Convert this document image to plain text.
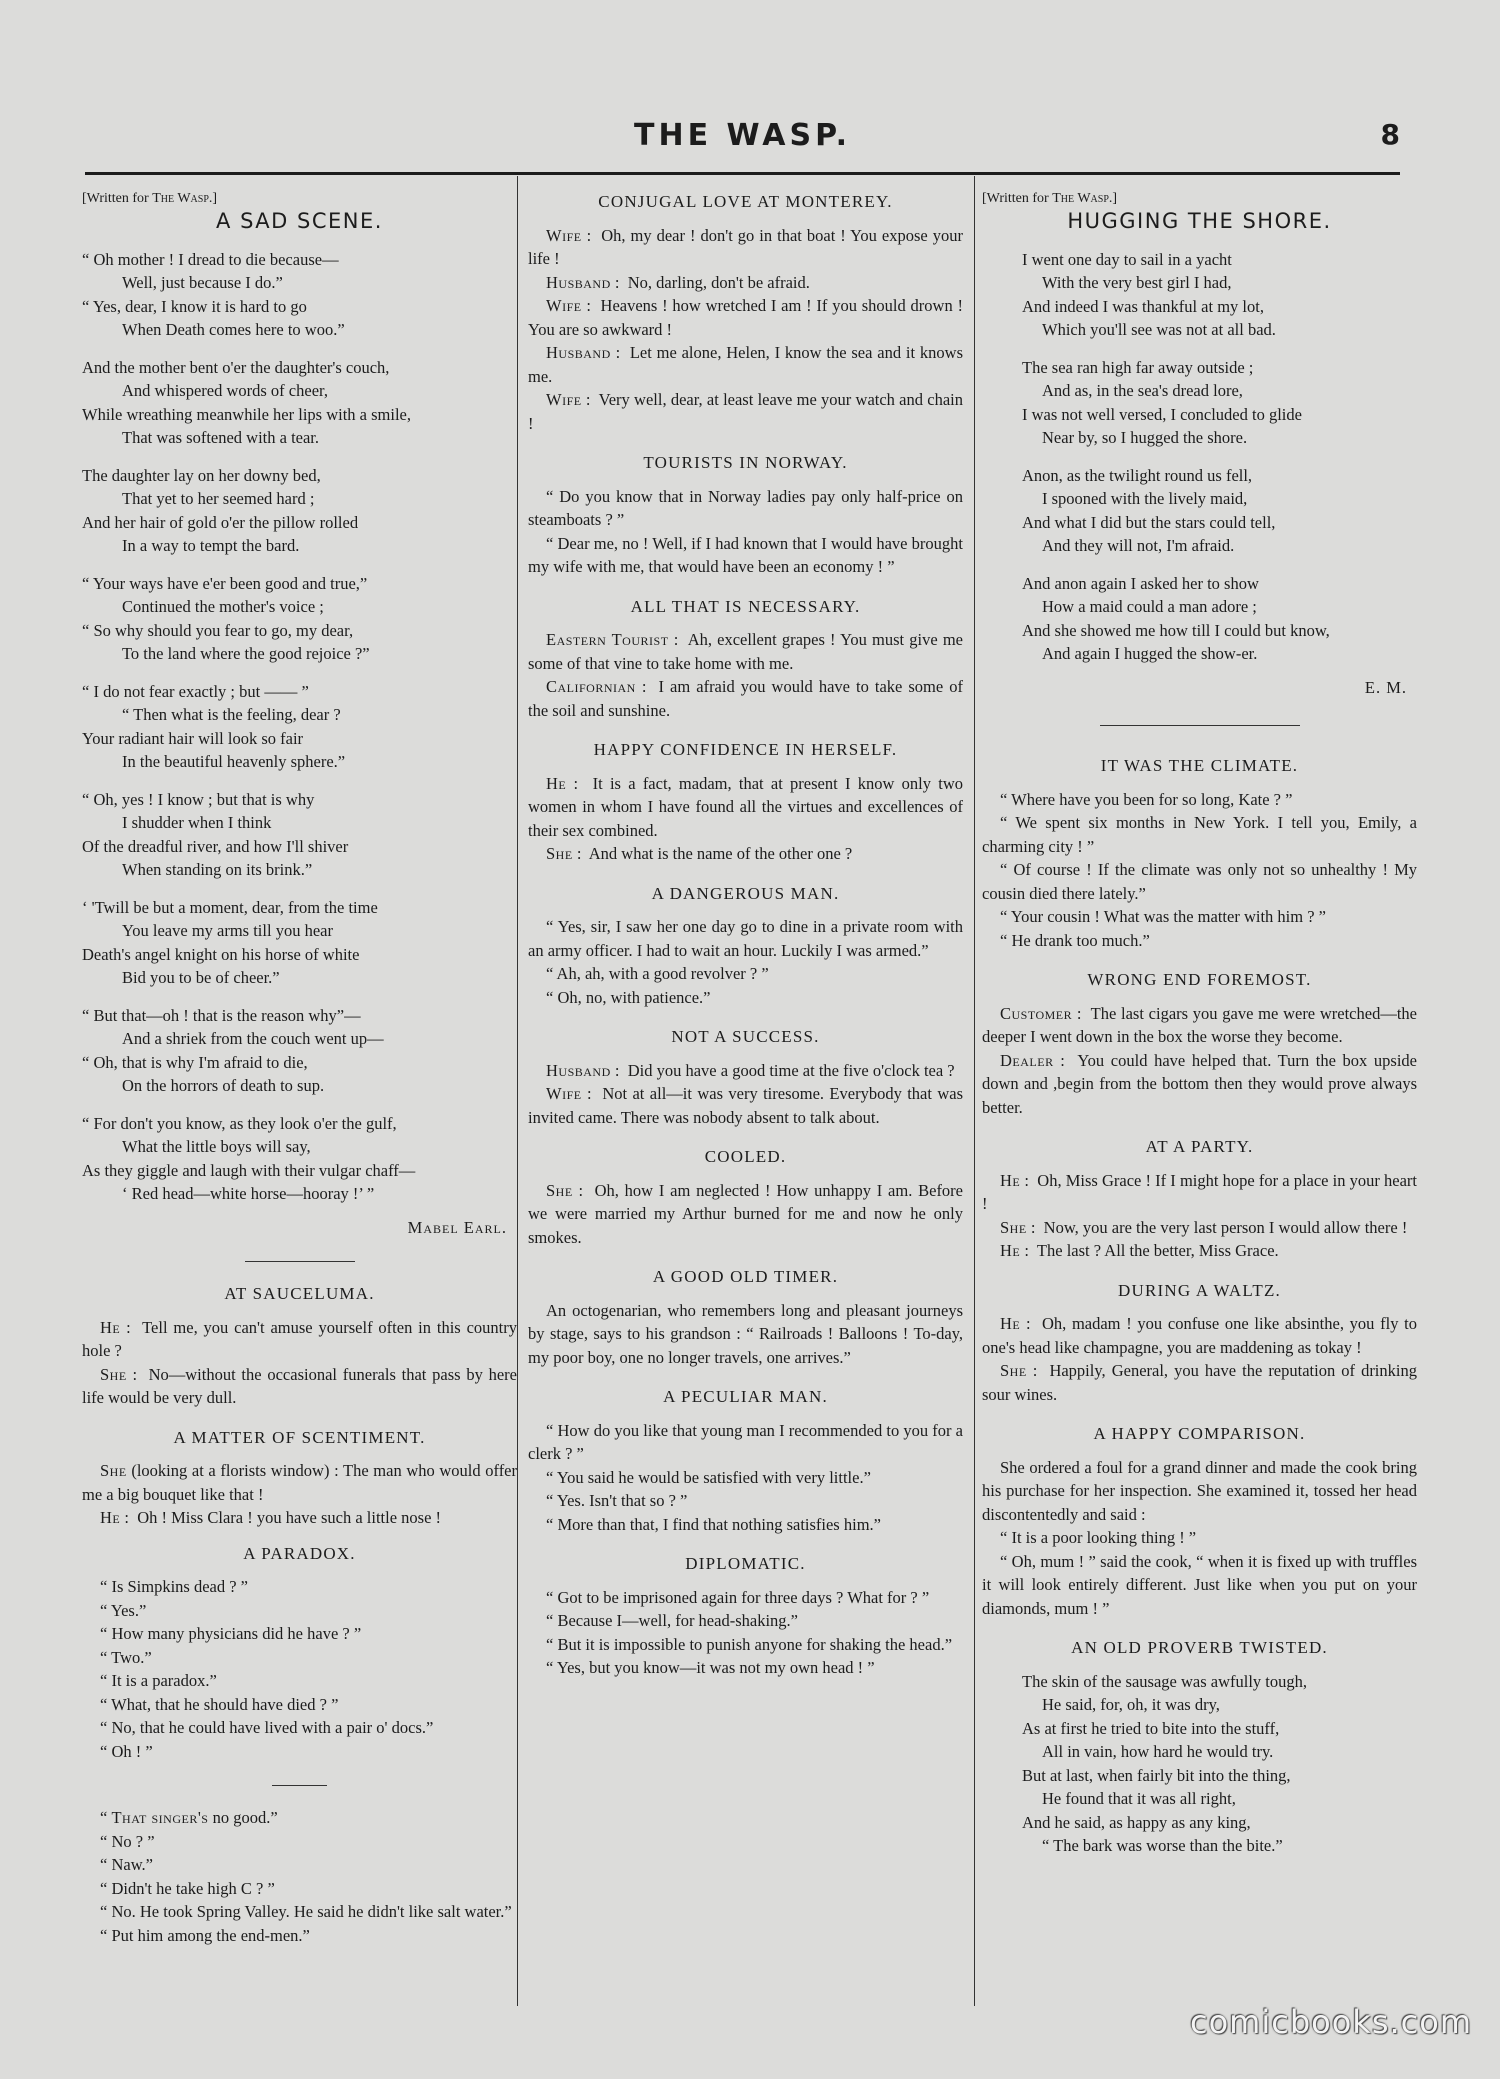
THE WASP.	8
[Written for The Wasp.]
A SAD SCENE.
“ Oh mother ! I dread to die because—
Well, just because I do.”
“ Yes, dear, I know it is hard to go
When Death comes here to woo.”
And the mother bent o'er the daughter's couch,
And whispered words of cheer,
While wreathing meanwhile her lips with a smile,
That was softened with a tear.
The daughter lay on her downy bed,
That yet to her seemed hard ;
And her hair of gold o'er the pillow rolled
In a way to tempt the bard.
“ Your ways have e'er been good and true,”
Continued the mother's voice ;
“ So why should you fear to go, my dear,
To the land where the good rejoice ?”
“ I do not fear exactly ; but —— ”
“ Then what is the feeling, dear ?
Your radiant hair will look so fair
In the beautiful heavenly sphere.”
“ Oh, yes ! I know ; but that is why
I shudder when I think
Of the dreadful river, and how I'll shiver
When standing on its brink.”
‘ 'Twill be but a moment, dear, from the time
You leave my arms till you hear
Death's angel knight on his horse of white
Bid you to be of cheer.”
“ But that—oh ! that is the reason why”—
And a shriek from the couch went up—
“ Oh, that is why I'm afraid to die,
On the horrors of death to sup.
“ For don't you know, as they look o'er the gulf,
What the little boys will say,
As they giggle and laugh with their vulgar chaff—
‘ Red head—white horse—hooray !’ ”
Mabel Earl.
AT SAUCELUMA.

He :  Tell me, you can't amuse yourself often in this country hole ?

She :  No—without the occasional funerals that pass by here life would be very dull.

A MATTER OF SCENTIMENT.

She (looking at a florists window) : The man who would offer me a big bouquet like that !

He :  Oh ! Miss Clara ! you have such a little nose !

A PARADOX.

“ Is Simpkins dead ? ”

“ Yes.”

“ How many physicians did he have ? ”

“ Two.”

“ It is a paradox.”

“ What, that he should have died ? ”

“ No, that he could have lived with a pair o' docs.”

“ Oh ! ”

“ That singer's no good.”

“ No ? ”

“ Naw.”

“ Didn't he take high C ? ”

“ No. He took Spring Valley. He said he didn't like salt water.”

“ Put him among the end-men.”

CONJUGAL LOVE AT MONTEREY.

Wife :  Oh, my dear ! don't go in that boat ! You expose your life !

Husband :  No, darling, don't be afraid.

Wife :  Heavens ! how wretched I am ! If you should drown ! You are so awkward !

Husband :  Let me alone, Helen, I know the sea and it knows me.

Wife :  Very well, dear, at least leave me your watch and chain !

TOURISTS IN NORWAY.

“ Do you know that in Norway ladies pay only half-price on steamboats ? ”

“ Dear me, no ! Well, if I had known that I would have brought my wife with me, that would have been an economy ! ”

ALL THAT IS NECESSARY.

Eastern Tourist :  Ah, excellent grapes ! You must give me some of that vine to take home with me.

Californian :  I am afraid you would have to take some of the soil and sunshine.

HAPPY CONFIDENCE IN HERSELF.

He :  It is a fact, madam, that at present I know only two women in whom I have found all the virtues and excellences of their sex combined.

She :  And what is the name of the other one ?

A DANGEROUS MAN.

“ Yes, sir, I saw her one day go to dine in a private room with an army officer. I had to wait an hour. Luckily I was armed.”

“ Ah, ah, with a good revolver ? ”

“ Oh, no, with patience.”

NOT A SUCCESS.

Husband :  Did you have a good time at the five o'clock tea ?

Wife :  Not at all—it was very tiresome. Everybody that was invited came. There was nobody absent to talk about.

COOLED.

She :  Oh, how I am neglected ! How unhappy I am. Before we were married my Arthur burned for me and now he only smokes.

A GOOD OLD TIMER.

An octogenarian, who remembers long and pleasant journeys by stage, says to his grandson : “ Railroads ! Balloons ! To-day, my poor boy, one no longer travels, one arrives.”

A PECULIAR MAN.

“ How do you like that young man I recommended to you for a clerk ? ”

“ You said he would be satisfied with very little.”

“ Yes. Isn't that so ? ”

“ More than that, I find that nothing satisfies him.”

DIPLOMATIC.

“ Got to be imprisoned again for three days ? What for ? ”

“ Because I—well, for head-shaking.”

“ But it is impossible to punish anyone for shaking the head.”

“ Yes, but you know—it was not my own head ! ”

[Written for The Wasp.]
HUGGING THE SHORE.
I went one day to sail in a yacht
With the very best girl I had,
And indeed I was thankful at my lot,
Which you'll see was not at all bad.
The sea ran high far away outside ;
And as, in the sea's dread lore,
I was not well versed, I concluded to glide
Near by, so I hugged the shore.
Anon, as the twilight round us fell,
I spooned with the lively maid,
And what I did but the stars could tell,
And they will not, I'm afraid.
And anon again I asked her to show
How a maid could a man adore ;
And she showed me how till I could but know,
And again I hugged the show-er.
E. M.
IT WAS THE CLIMATE.

“ Where have you been for so long, Kate ? ”

“ We spent six months in New York. I tell you, Emily, a charming city ! ”

“ Of course ! If the climate was only not so unhealthy ! My cousin died there lately.”

“ Your cousin ! What was the matter with him ? ”

“ He drank too much.”

WRONG END FOREMOST.

Customer :  The last cigars you gave me were wretched—the deeper I went down in the box the worse they become.

Dealer :  You could have helped that. Turn the box upside down and ,begin from the bottom then they would prove always better.

AT A PARTY.

He :  Oh, Miss Grace ! If I might hope for a place in your heart !

She :  Now, you are the very last person I would allow there !

He :  The last ? All the better, Miss Grace.

DURING A WALTZ.

He :  Oh, madam ! you confuse one like absinthe, you fly to one's head like champagne, you are maddening as tokay !

She :  Happily, General, you have the reputation of drinking sour wines.

A HAPPY COMPARISON.

She ordered a foul for a grand dinner and made the cook bring his purchase for her inspection. She examined it, tossed her head discontentedly and said :

“ It is a poor looking thing ! ”

“ Oh, mum ! ” said the cook, “ when it is fixed up with truffles it will look entirely different. Just like when you put on your diamonds, mum ! ”

AN OLD PROVERB TWISTED.
The skin of the sausage was awfully tough,
He said, for, oh, it was dry,
As at first he tried to bite into the stuff,
All in vain, how hard he would try.
But at last, when fairly bit into the thing,
He found that it was all right,
And he said, as happy as any king,
“ The bark was worse than the bite.”
comicbooks.com
